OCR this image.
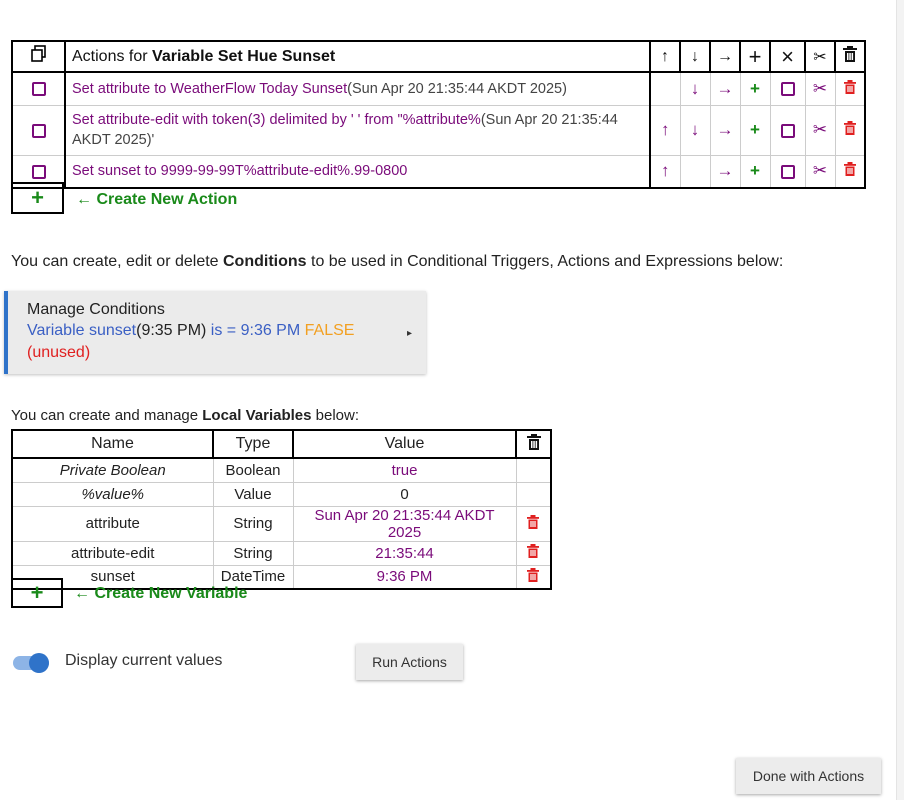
	Actions for Variable Set Hue Sunset	↑	↓	→	+	×	✂	
	Set attribute to WeatherFlow Today Sunset(Sun Apr 20 21:35:44 AKDT 2025)		↓	→	+		✂	
	Set attribute-edit with token(3) delimited by ' ' from "%attribute%(Sun Apr 20 21:35:44 AKDT 2025)'	↑	↓	→	+		✂	
	Set sunset to 9999-99-99T%attribute-edit%.99-0800	↑		→	+		✂	
+	← Create New Action
You can create, edit or delete Conditions to be used in Conditional Triggers, Actions and Expressions below:
Manage Conditions
Variable sunset(9:35 PM) is = 9:36 PM FALSE
(unused)
▸
You can create and manage Local Variables below:
Name	Type	Value	
Private Boolean	Boolean	true	
%value%	Value	0	
attribute	String	Sun Apr 20 21:35:44 AKDT 2025	
attribute-edit	String	21:35:44	
sunset	DateTime	9:36 PM	
+	← Create New Variable
Display current values	Run Actions
Done with Actions
